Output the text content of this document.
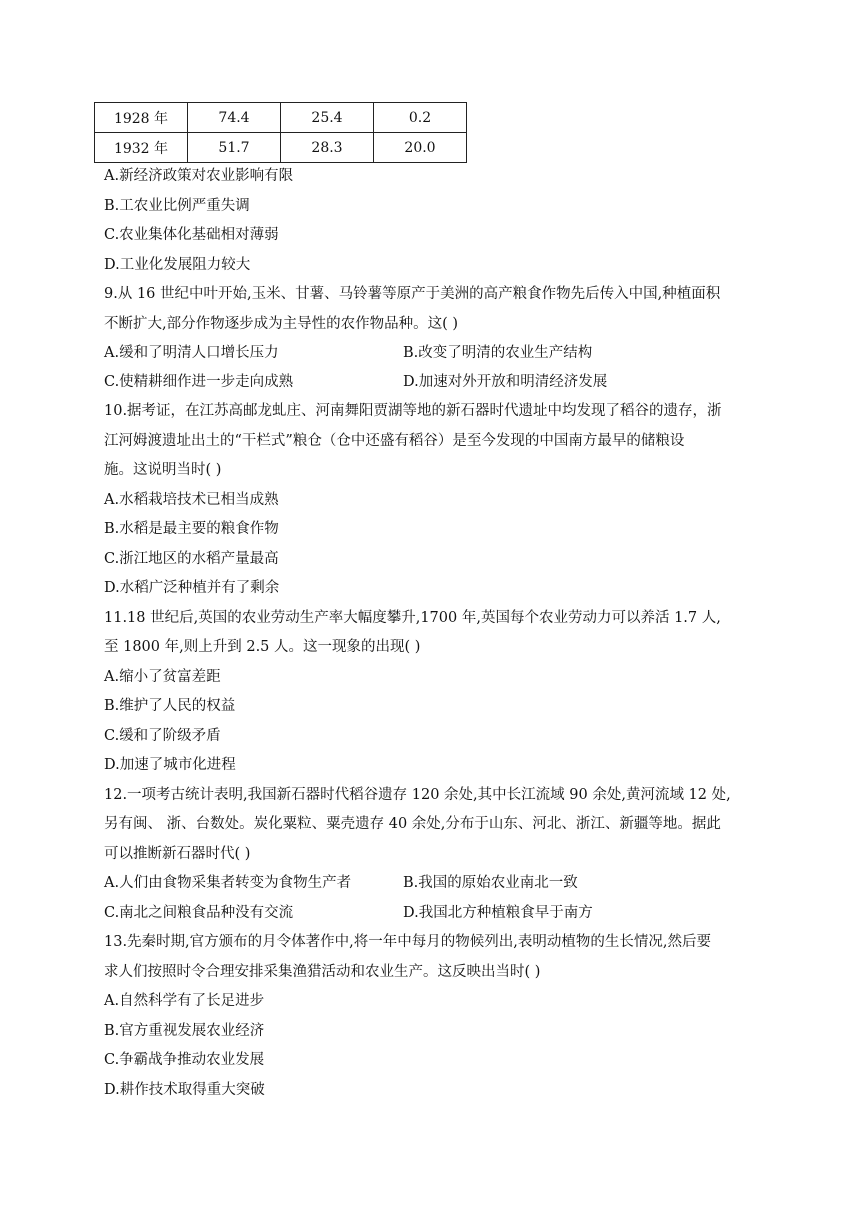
1928 年	74.4	25.4	0.2
1932 年	51.7	28.3	20.0
A.新经济政策对农业影响有限
B.工农业比例严重失调
C.农业集体化基础相对薄弱
D.工业化发展阻力较大
9.从 16 世纪中叶开始,玉米、甘薯、马铃薯等原产于美洲的高产粮食作物先后传入中国,种植面积
不断扩大,部分作物逐步成为主导性的农作物品种。这( )
A.缓和了明清人口增长压力	B.改变了明清的农业生产结构
C.使精耕细作进一步走向成熟	D.加速对外开放和明清经济发展
10.据考证，在江苏高邮龙虬庄、河南舞阳贾湖等地的新石器时代遗址中均发现了稻谷的遗存，浙
江河姆渡遗址出土的“干栏式”粮仓（仓中还盛有稻谷）是至今发现的中国南方最早的储粮设
施。这说明当时( )
A.水稻栽培技术已相当成熟
B.水稻是最主要的粮食作物
C.浙江地区的水稻产量最高
D.水稻广泛种植并有了剩余
11.18 世纪后,英国的农业劳动生产率大幅度攀升,1700 年,英国每个农业劳动力可以养活 1.7 人,
至 1800 年,则上升到 2.5 人。这一现象的出现( )
A.缩小了贫富差距
B.维护了人民的权益
C.缓和了阶级矛盾
D.加速了城市化进程
12.一项考古统计表明,我国新石器时代稻谷遗存 120 余处,其中长江流域 90 余处,黄河流域 12 处,
另有闽、 浙、台数处。炭化粟粒、粟壳遗存 40 余处,分布于山东、河北、浙江、新疆等地。据此
可以推断新石器时代( )
A.人们由食物采集者转变为食物生产者	B.我国的原始农业南北一致
C.南北之间粮食品种没有交流	D.我国北方种植粮食早于南方
13.先秦时期,官方颁布的月令体著作中,将一年中每月的物候列出,表明动植物的生长情况,然后要
求人们按照时令合理安排采集渔猎活动和农业生产。这反映出当时( )
A.自然科学有了长足进步
B.官方重视发展农业经济
C.争霸战争推动农业发展
D.耕作技术取得重大突破
